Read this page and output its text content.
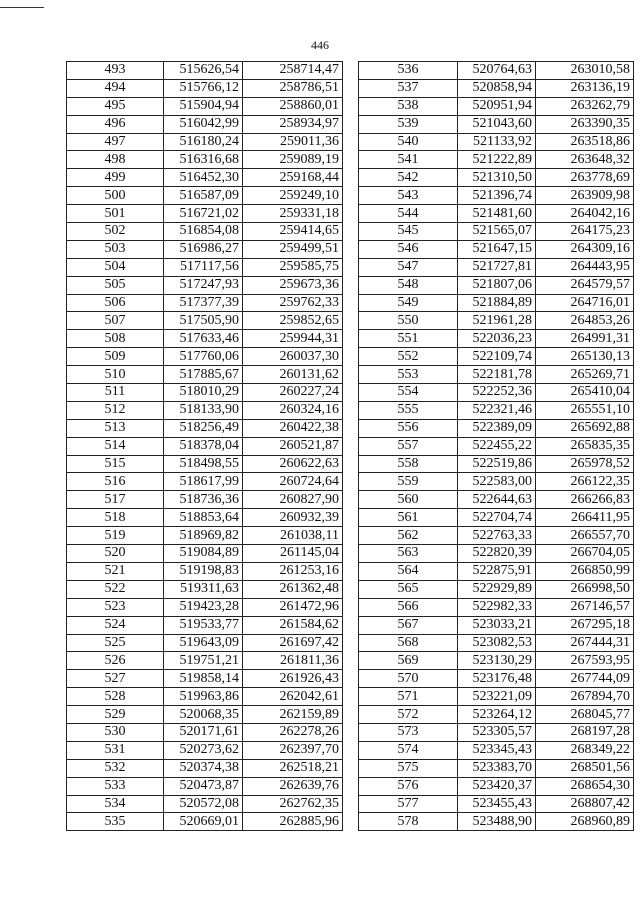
446
493	515626,54	258714,47
494	515766,12	258786,51
495	515904,94	258860,01
496	516042,99	258934,97
497	516180,24	259011,36
498	516316,68	259089,19
499	516452,30	259168,44
500	516587,09	259249,10
501	516721,02	259331,18
502	516854,08	259414,65
503	516986,27	259499,51
504	517117,56	259585,75
505	517247,93	259673,36
506	517377,39	259762,33
507	517505,90	259852,65
508	517633,46	259944,31
509	517760,06	260037,30
510	517885,67	260131,62
511	518010,29	260227,24
512	518133,90	260324,16
513	518256,49	260422,38
514	518378,04	260521,87
515	518498,55	260622,63
516	518617,99	260724,64
517	518736,36	260827,90
518	518853,64	260932,39
519	518969,82	261038,11
520	519084,89	261145,04
521	519198,83	261253,16
522	519311,63	261362,48
523	519423,28	261472,96
524	519533,77	261584,62
525	519643,09	261697,42
526	519751,21	261811,36
527	519858,14	261926,43
528	519963,86	262042,61
529	520068,35	262159,89
530	520171,61	262278,26
531	520273,62	262397,70
532	520374,38	262518,21
533	520473,87	262639,76
534	520572,08	262762,35
535	520669,01	262885,96
536	520764,63	263010,58
537	520858,94	263136,19
538	520951,94	263262,79
539	521043,60	263390,35
540	521133,92	263518,86
541	521222,89	263648,32
542	521310,50	263778,69
543	521396,74	263909,98
544	521481,60	264042,16
545	521565,07	264175,23
546	521647,15	264309,16
547	521727,81	264443,95
548	521807,06	264579,57
549	521884,89	264716,01
550	521961,28	264853,26
551	522036,23	264991,31
552	522109,74	265130,13
553	522181,78	265269,71
554	522252,36	265410,04
555	522321,46	265551,10
556	522389,09	265692,88
557	522455,22	265835,35
558	522519,86	265978,52
559	522583,00	266122,35
560	522644,63	266266,83
561	522704,74	266411,95
562	522763,33	266557,70
563	522820,39	266704,05
564	522875,91	266850,99
565	522929,89	266998,50
566	522982,33	267146,57
567	523033,21	267295,18
568	523082,53	267444,31
569	523130,29	267593,95
570	523176,48	267744,09
571	523221,09	267894,70
572	523264,12	268045,77
573	523305,57	268197,28
574	523345,43	268349,22
575	523383,70	268501,56
576	523420,37	268654,30
577	523455,43	268807,42
578	523488,90	268960,89
